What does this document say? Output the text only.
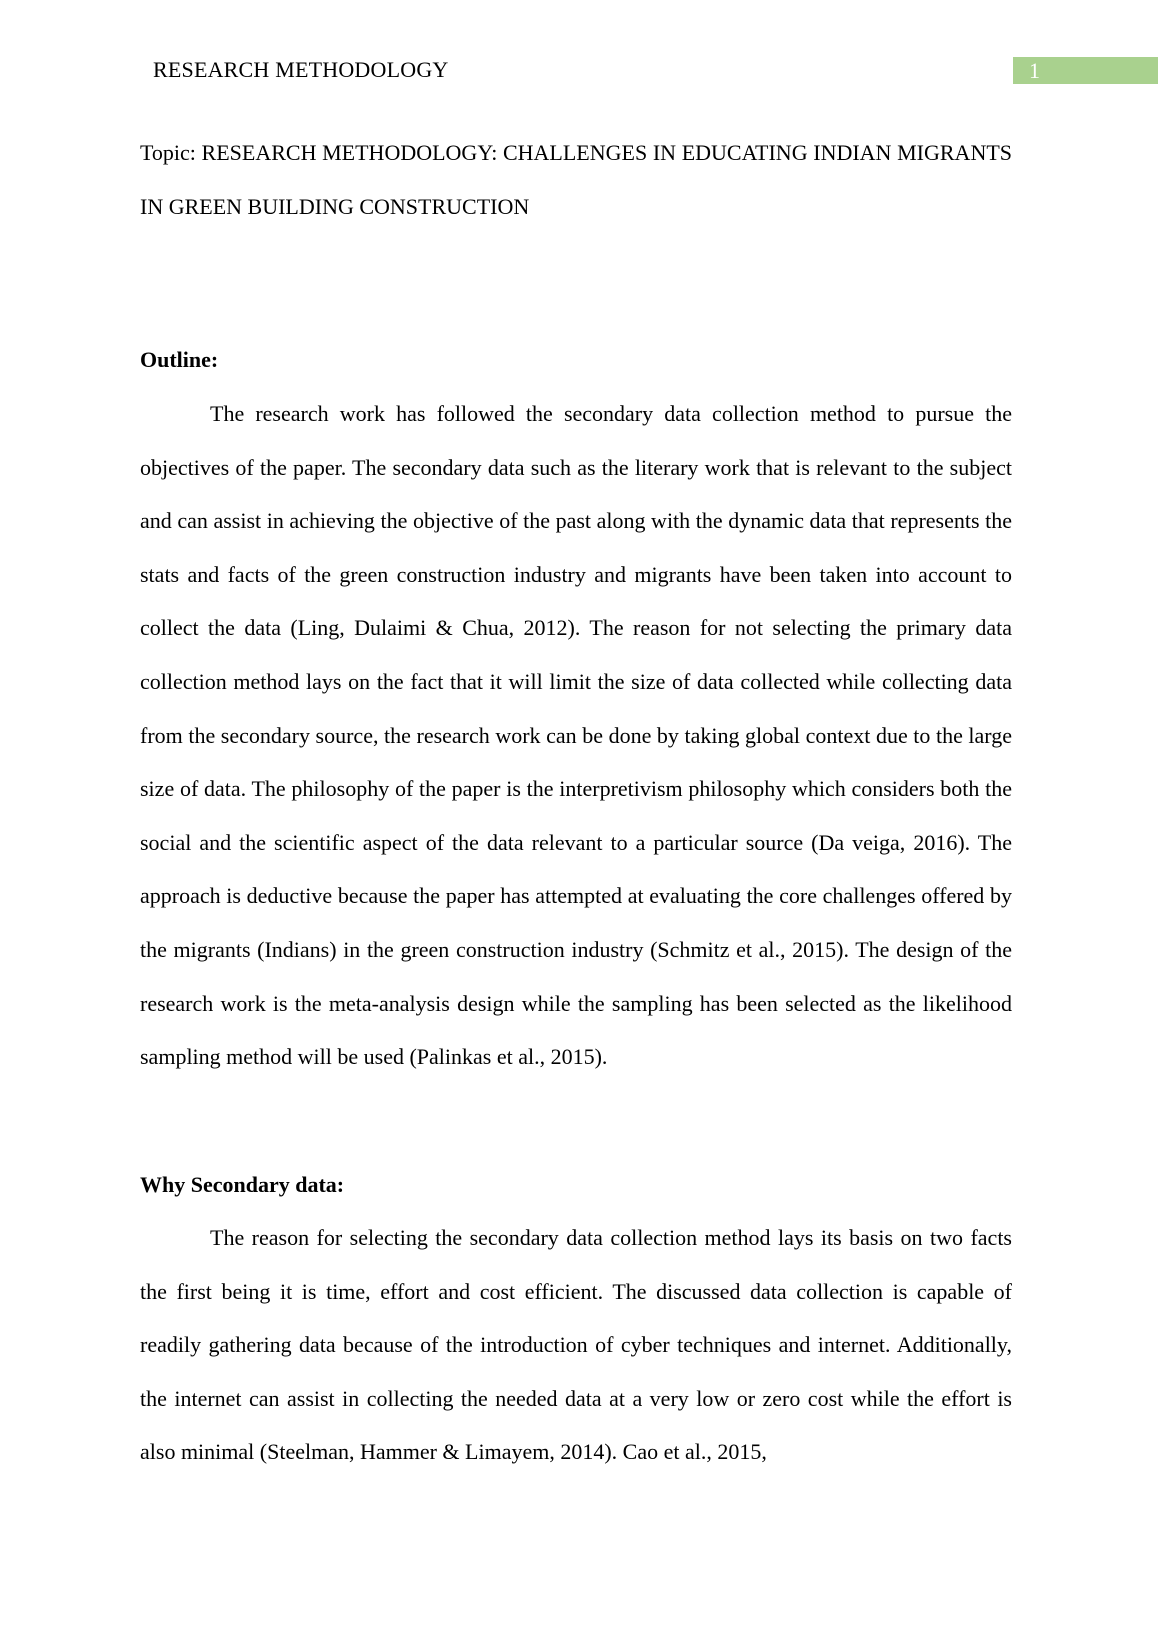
RESEARCH METHODOLOGY	1
Topic: RESEARCH METHODOLOGY: CHALLENGES IN EDUCATING INDIAN MIGRANTS IN GREEN BUILDING CONSTRUCTION
Outline:
The research work has followed the secondary data collection method to pursue the objectives of the paper. The secondary data such as the literary work that is relevant to the subject and can assist in achieving the objective of the past along with the dynamic data that represents the stats and facts of the green construction industry and migrants have been taken into account to collect the data (Ling, Dulaimi & Chua, 2012). The reason for not selecting the primary data collection method lays on the fact that it will limit the size of data collected while collecting data from the secondary source, the research work can be done by taking global context due to the large size of data. The philosophy of the paper is the interpretivism philosophy which considers both the social and the scientific aspect of the data relevant to a particular source (Da veiga, 2016). The approach is deductive because the paper has attempted at evaluating the core challenges offered by the migrants (Indians) in the green construction industry (Schmitz et al., 2015). The design of the research work is the meta-analysis design while the sampling has been selected as the likelihood sampling method will be used (Palinkas et al., 2015).
Why Secondary data:
The reason for selecting the secondary data collection method lays its basis on two facts the first being it is time, effort and cost efficient. The discussed data collection is capable of readily gathering data because of the introduction of cyber techniques and internet. Additionally, the internet can assist in collecting the needed data at a very low or zero cost while the effort is also minimal (Steelman, Hammer & Limayem, 2014). Cao et al., 2015,
